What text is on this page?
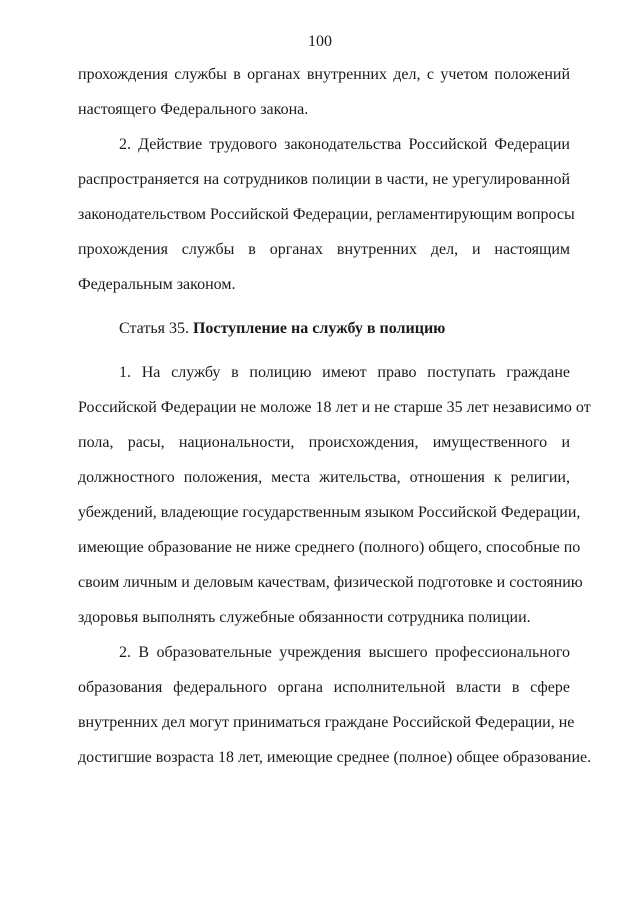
100

прохождения службы в органах внутренних дел, с учетом положений
настоящего Федерального закона.

2. Действие трудового законодательства Российской Федерации
распространяется на сотрудников полиции в части, не урегулированной
законодательством Российской Федерации, регламентирующим вопросы
прохождения службы в органах внутренних дел, и настоящим
Федеральным законом.

Статья 35. Поступление на службу в полицию

1. На службу в полицию имеют право поступать граждане
Российской Федерации не моложе 18 лет и не старше 35 лет независимо от
пола, расы, национальности, происхождения, имущественного и
должностного положения, места жительства, отношения к религии,
убеждений, владеющие государственным языком Российской Федерации,
имеющие образование не ниже среднего (полного) общего, способные по
своим личным и деловым качествам, физической подготовке и состоянию
здоровья выполнять служебные обязанности сотрудника полиции.

2. В образовательные учреждения высшего профессионального
образования федерального органа исполнительной власти в сфере
внутренних дел могут приниматься граждане Российской Федерации, не
достигшие возраста 18 лет, имеющие среднее (полное) общее образование.
